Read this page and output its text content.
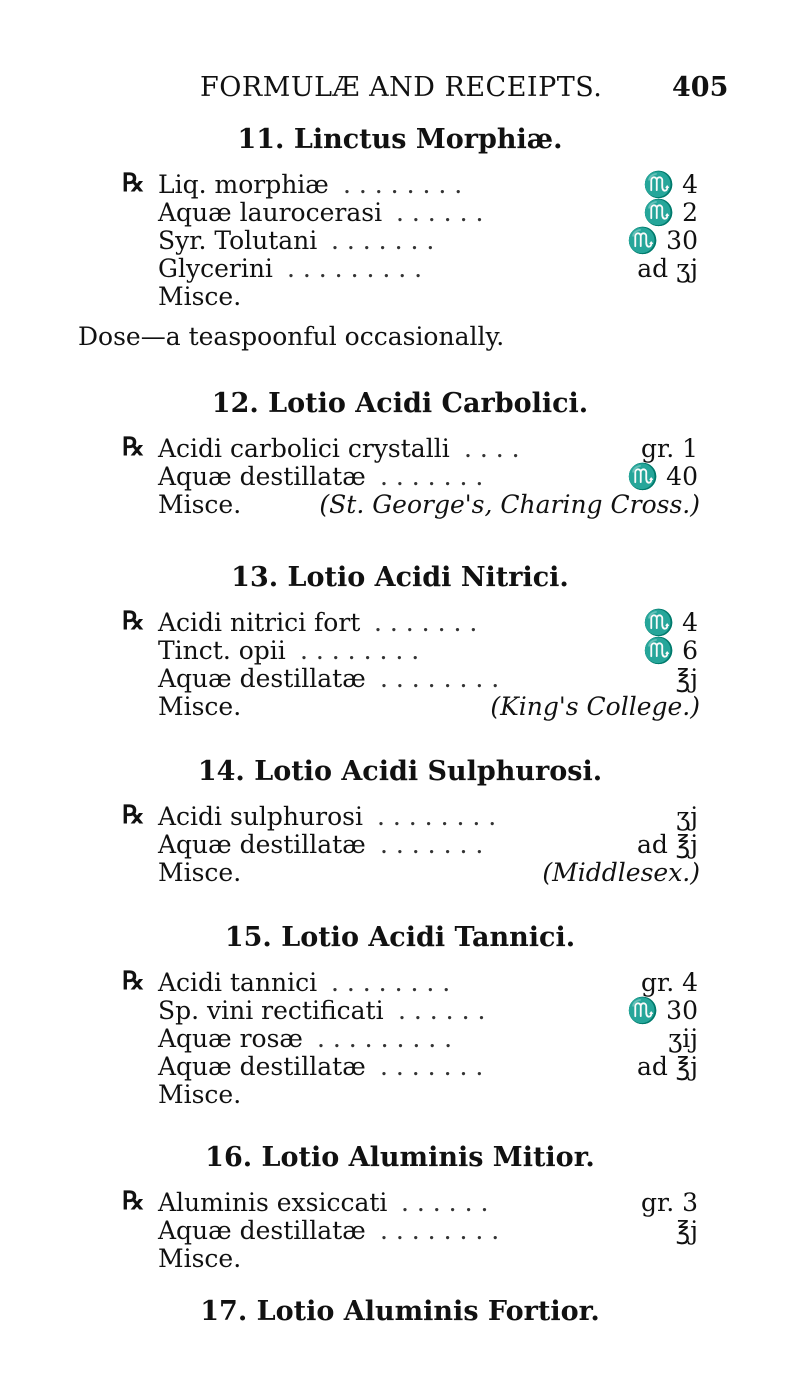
FORMULÆ AND RECEIPTS.	405
11. Linctus Morphiæ.
℞ Liq. morphiæ . . . . . . . .	♏ 4
Aquæ laurocerasi . . . . . .	♏ 2
Syr. Tolutani . . . . . . .	♏ 30
Glycerini . . . . . . . . .	ad ʒj
Misce.
Dose—a teaspoonful occasionally.
12. Lotio Acidi Carbolici.
℞ Acidi carbolici crystalli . . . .	gr. 1
Aquæ destillatæ . . . . . . .	♏ 40
Misce.	(St. George's, Charing Cross.)
13. Lotio Acidi Nitrici.
℞ Acidi nitrici fort . . . . . . .	♏ 4
Tinct. opii . . . . . . . .	♏ 6
Aquæ destillatæ . . . . . . . .	℥j
Misce.	(King's College.)
14. Lotio Acidi Sulphurosi.
℞ Acidi sulphurosi . . . . . . . .	ʒj
Aquæ destillatæ . . . . . . .	ad ℥j
Misce.	(Middlesex.)
15. Lotio Acidi Tannici.
℞ Acidi tannici . . . . . . . .	gr. 4
Sp. vini rectificati . . . . . .	♏ 30
Aquæ rosæ . . . . . . . . .	ʒij
Aquæ destillatæ . . . . . . .	ad ℥j
Misce.
16. Lotio Aluminis Mitior.
℞ Aluminis exsiccati . . . . . .	gr. 3
Aquæ destillatæ . . . . . . . .	℥j
Misce.
17. Lotio Aluminis Fortior.
